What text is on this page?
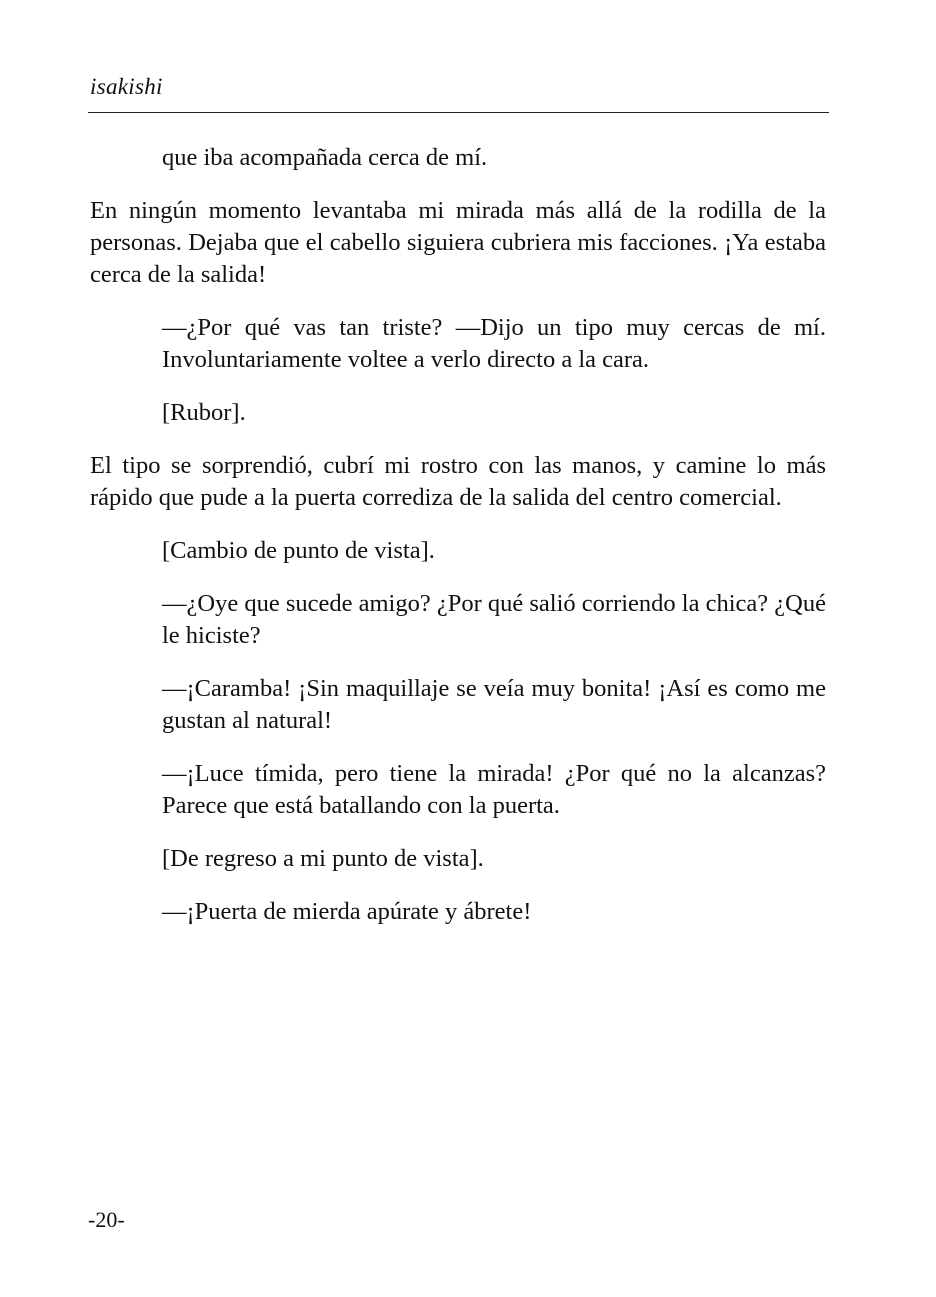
isakishi

que iba acompañada cerca de mí.

En ningún momento levantaba mi mirada más allá de la rodilla de la personas. Dejaba que el cabello siguiera cubriera mis facciones. ¡Ya estaba cerca de la salida!

—¿Por qué vas tan triste? —Dijo un tipo muy cercas de mí. Involuntariamente voltee a verlo directo a la cara.

[Rubor].

El tipo se sorprendió, cubrí mi rostro con las manos, y camine lo más rápido que pude a la puerta corrediza de la salida del centro comercial.

[Cambio de punto de vista].

—¿Oye que sucede amigo? ¿Por qué salió corriendo la chica? ¿Qué le hiciste?

—¡Caramba! ¡Sin maquillaje se veía muy bonita! ¡Así es como me gustan al natural!

—¡Luce tímida, pero tiene la mirada! ¿Por qué no la alcanzas? Parece que está batallando con la puerta.

[De regreso a mi punto de vista].

—¡Puerta de mierda apúrate y ábrete!

-20-
